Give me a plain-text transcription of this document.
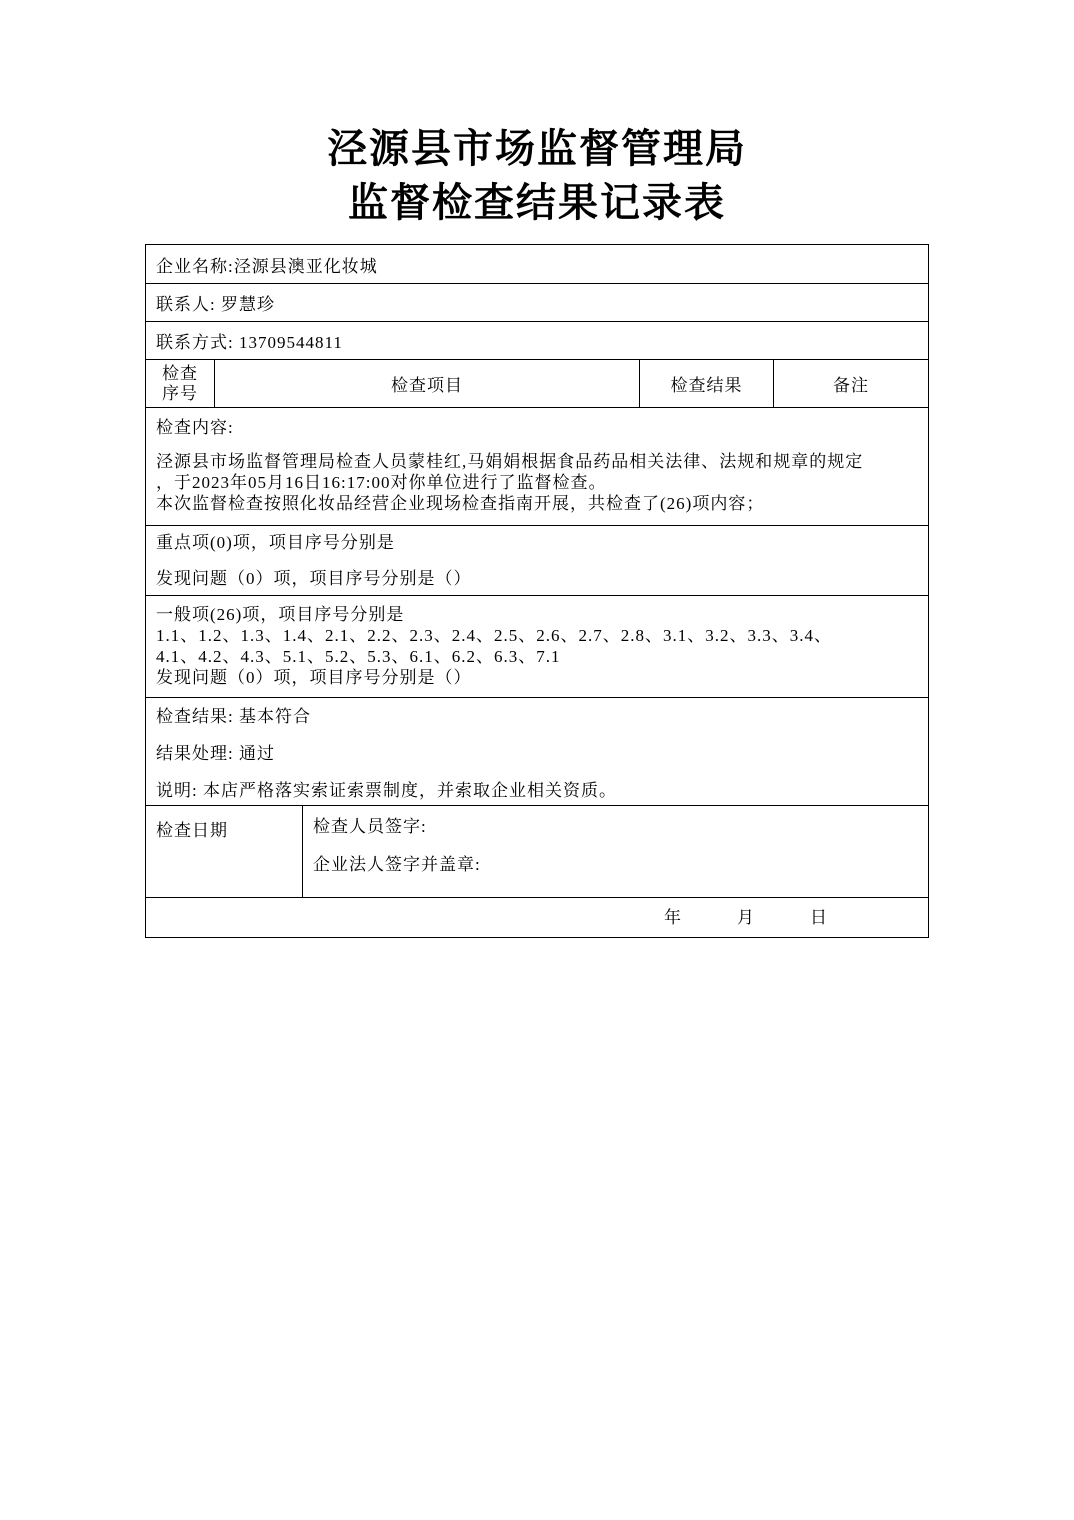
泾源县市场监督管理局
监督检查结果记录表
企业名称:泾源县澳亚化妆城				
联系人: 罗慧珍				
联系方式: 13709544811				

检查序号	检查项目		检查结果	备注

检查内容:
泾源县市场监督管理局检查人员蒙桂红,马娟娟根据食品药品相关法律、法规和规章的规定
，于2023年05月16日16:17:00对你单位进行了监督检查。
本次监督检查按照化妆品经营企业现场检查指南开展，共检查了(26)项内容；				

重点项(0)项，项目序号分别是
发现问题（0）项，项目序号分别是（）				

一般项(26)项，项目序号分别是
1.1、1.2、1.3、1.4、2.1、2.2、2.3、2.4、2.5、2.6、2.7、2.8、3.1、3.2、3.3、3.4、
4.1、4.2、4.3、5.1、5.2、5.3、6.1、6.2、6.3、7.1
发现问题（0）项，项目序号分别是（）				

检查结果: 基本符合
结果处理: 通过
说明: 本店严格落实索证索票制度，并索取企业相关资质。				

检查日期		检查人员签字:
企业法人签字并盖章:		

年 月 日				
